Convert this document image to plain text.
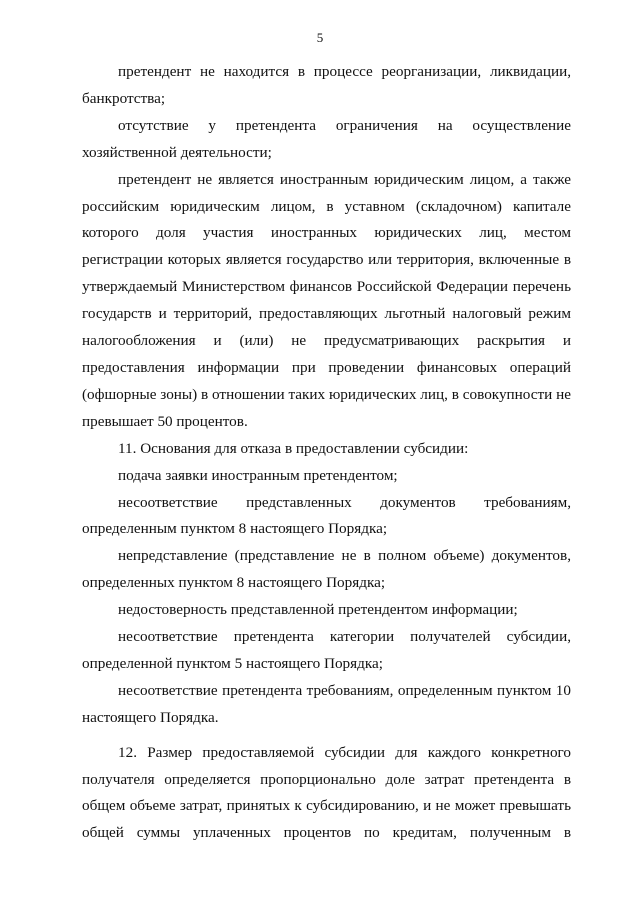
5

претендент не находится в процессе реорганизации, ликвидации, банкротства;

отсутствие у претендента ограничения на осуществление хозяйственной деятельности;

претендент не является иностранным юридическим лицом, а также российским юридическим лицом, в уставном (складочном) капитале которого доля участия иностранных юридических лиц, местом регистрации которых является государство или территория, включенные в утверждаемый Министерством финансов Российской Федерации перечень государств и территорий, предоставляющих льготный налоговый режим налогообложения и (или) не предусматривающих раскрытия и предоставления информации при проведении финансовых операций (офшорные зоны) в отношении таких юридических лиц, в совокупности не превышает 50 процентов.

11. Основания для отказа в предоставлении субсидии:

подача заявки иностранным претендентом;

несоответствие представленных документов требованиям, определенным пунктом 8 настоящего Порядка;

непредставление (представление не в полном объеме) документов, определенных пунктом 8 настоящего Порядка;

недостоверность представленной претендентом информации;

несоответствие претендента категории получателей субсидии, определенной пунктом 5 настоящего Порядка;

несоответствие претендента требованиям, определенным пунктом 10 настоящего Порядка.

12. Размер предоставляемой субсидии для каждого конкретного получателя определяется пропорционально доле затрат претендента в общем объеме затрат, принятых к субсидированию, и не может превышать общей суммы уплаченных процентов по кредитам, полученным в
